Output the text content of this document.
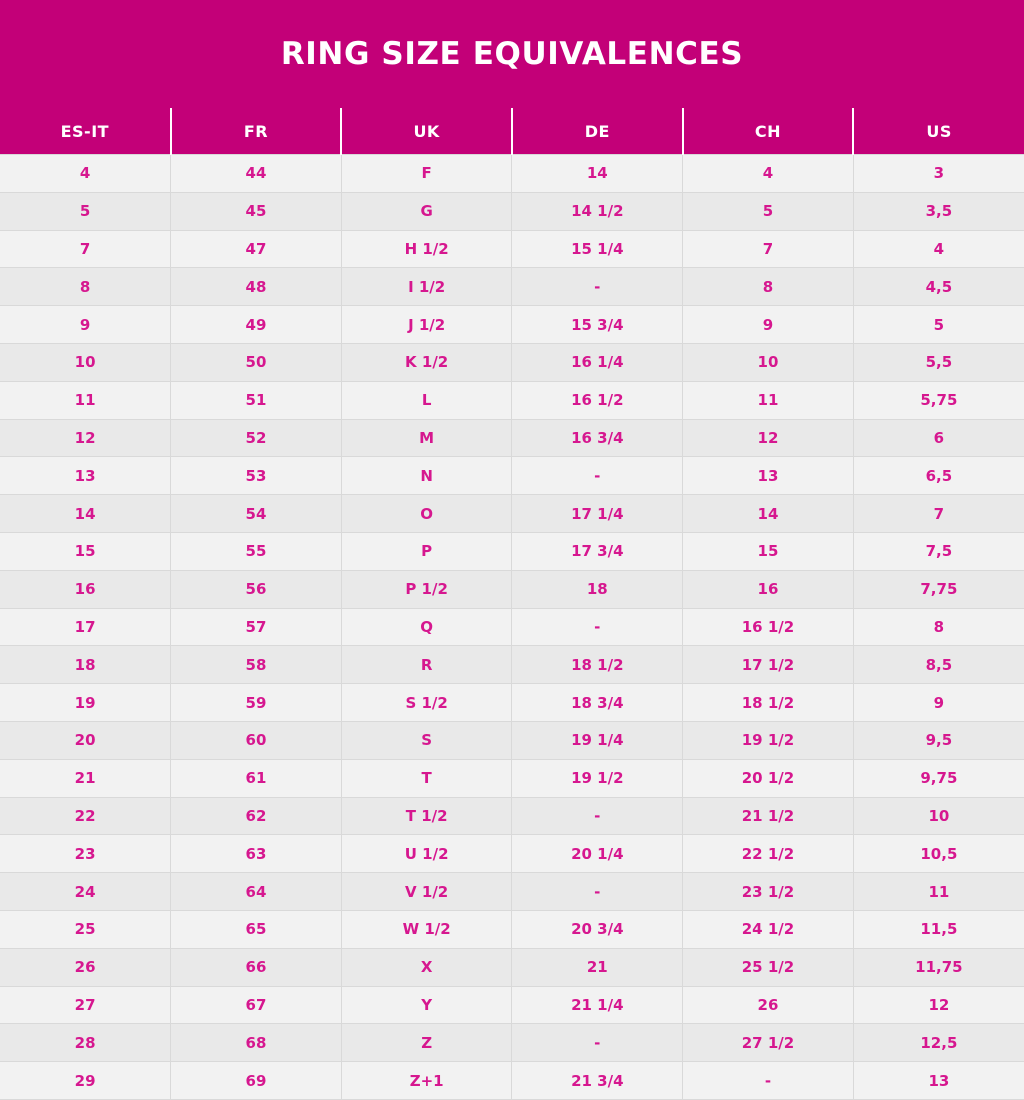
RING SIZE EQUIVALENCES
ES-IT	FR	UK	DE	CH	US
4	44	F	14	4	3
5	45	G	14 1/2	5	3,5
7	47	H 1/2	15 1/4	7	4
8	48	I 1/2	-	8	4,5
9	49	J 1/2	15 3/4	9	5
10	50	K 1/2	16 1/4	10	5,5
11	51	L	16 1/2	11	5,75
12	52	M	16 3/4	12	6
13	53	N	-	13	6,5
14	54	O	17 1/4	14	7
15	55	P	17 3/4	15	7,5
16	56	P 1/2	18	16	7,75
17	57	Q	-	16 1/2	8
18	58	R	18 1/2	17 1/2	8,5
19	59	S 1/2	18 3/4	18 1/2	9
20	60	S	19 1/4	19 1/2	9,5
21	61	T	19 1/2	20 1/2	9,75
22	62	T 1/2	-	21 1/2	10
23	63	U 1/2	20 1/4	22 1/2	10,5
24	64	V 1/2	-	23 1/2	11
25	65	W 1/2	20 3/4	24 1/2	11,5
26	66	X	21	25 1/2	11,75
27	67	Y	21 1/4	26	12
28	68	Z	-	27 1/2	12,5
29	69	Z+1	21 3/4	-	13
